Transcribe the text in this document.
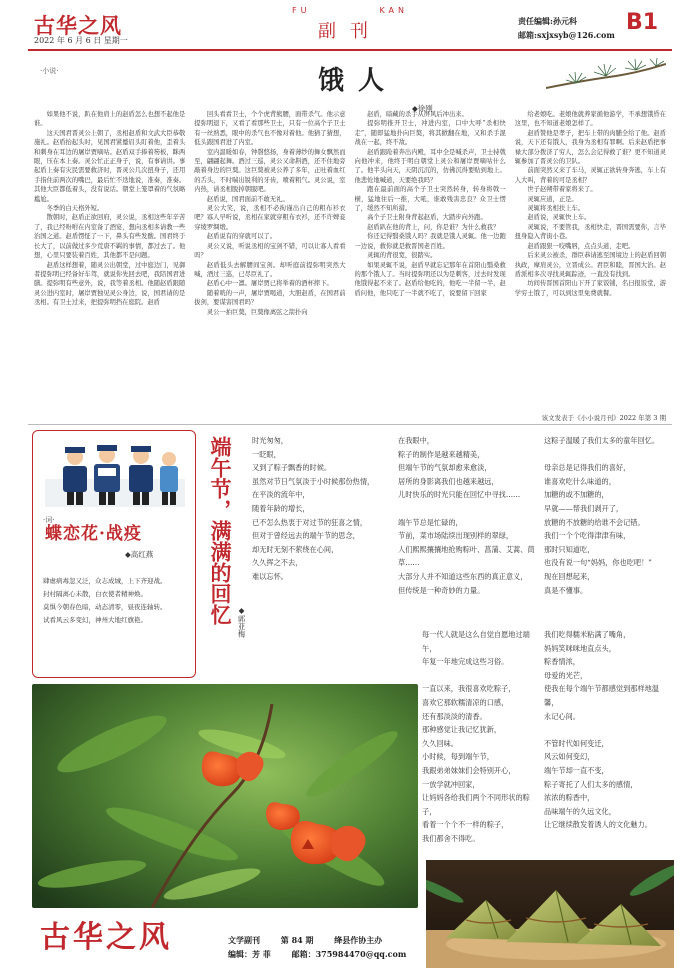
古华之风
2022 年 6 月 6 日 星期一
FU	KAN
副刊	责任编辑:孙元科
邮箱:sxjxsyb@126.com B1
·小说·	饿人
◆徐刚

如果他不说，趴在他肩上的赵盾怎么也想不起他是谁。

这天国君晋灵公上朝了，丞相赵盾和文武大臣恭敬施礼。赵盾抬起头时，见国君紧蹙眉头盯着他，歪着头和刺身在耳边的屠岸贾嘀咕。赵盾双手捧着笏板，眯两眼，压在本上奏。灵公忙正正身子，说，有事请讲。事起盾上奏有灾民需要救济时，晋灵公几次扭身子，还用手指住前两次的嘴巴，最后忙不迭地说，准奏，准奏。其他大臣都低着头，没有说话。朝堂上笼罩着的气氛略尴尬。

冬季的白天格外短。

散朝时，赵盾正欲回府，灵公说，丞相这些年辛苦了，我已经吩咐在内室备了酒宴，想向丞相多请教一些治国之道。赵盾愣怔了一下，鼻头有些发酸。国君终于长大了，以前做过多少荒唐不羁的事情，都过去了。他想，心里只要装着百姓，其他都不是问题。

赵盾这样想着，随灵公出朝堂，过中庭边门，见御者提弥明已经备好车驾，就说你先回去吧，我陪国君进膳。提弥明有些意外，说，我等着丞相。他随赵盾跟随灵公进内室时，屠岸贾独见灵公身边，说，国君请的是丞相。有卫士过来，把提弥明挡在庭院。赵盾

回头看看卫士，个个虎背熊腰，面带杀气。他示意提弥明退下，又看了看那些卫士，只有一位高个子卫士有一丝熟悉，眼中的杀气也不像对着他。他猜了猜想，低头跟国君进了内室。

室内温暖如春，钟磬悠扬，身着薄纱的舞女飘然而至，翩翩起舞。酒过三巡，灵公又命斟酒，还不住地旁敲着身边的巨獒。这巨獒被灵公养了多年，正吐着血红的舌头，不时喘出锐利的牙齿，喷着粗气。灵公说，室内热，请丞相脱掉朝服吧。

赵盾说，国君面前不敢无礼。

灵公大笑，说，丞相不必拘谨出自己的粗布衫衣吧？寡人早听说，丞相在家就穿粗布衣衫，还不许婢妾穿绫罗绸缎。

赵盾说有的穿就可以了。

灵公又说，听说丞相的宝剑不错，可以让寡人看看吗？

赵盾低头去解腰间宝剑。却听庭前提弥明突然大喊，酒过三巡，已尽臣礼了。

赵盾心中一凛。屠岸贾已将举着的酒杯摔下。

随着咣的一声，屠岸贾喝道，大胆赵盾，在国君前拔剑，要谋害国君吗？

灵公一拍巨獒，巨獒像离弦之箭扑向

赵盾，暗藏的杀手从屏风后冲出来。

提弥明推开卫士，冲进内室，口中大呼“杀相快走”，随即猛地扑向巨獒，将其掀翻在地，又和杀手混战在一起，终不敌。

赵盾跟跄着奔出内殿，耳中全是喊杀声，卫士持戟向他冲来，他终于明白朝堂上灵公和屠岸贾嘀咕什么了。他半头向天，天阴沉沉的，仿佛沉得要贴到地上。他悲怆地喊道，天要绝我吗？

跑在最前面的高个子卫士突然转身，转身将戟一横，猛地住后一推，大吼，谁敢残害忠良？众卫士愣了，缓然不知所措。

高个子卫士附身背起赵盾，大踏步向外跑。

赵盾趴在他的背上，问，你是谁？为什么救我？

你还记得翳桑饿人吗？我就是饿人灵辄。他一边跑一边说，救你就是救晋国老百姓。

灵辄的背很宽，很踏实。

如果灵辄不说，赵盾早就忘记那年在首阳山翳桑救的那个饿人了。当时提弥明还以为是刺客，过去时发现他饿得起不来了。赵盾给他吃的，他吃一半留一半，赵盾问他，他只吃了一半就不吃了，说要留下回家

给老娘吃。老娘他就养家循他游学，不承想饿昏在这里，也不知道老娘怎样了。

赵盾赞他是孝子，把车上带的肉脯全给了他。赵盾说，天下还有饿人，我身为丞相有罪啊。后来赵盾把事禄大部分拨济了穷人，怎么会记得救了谁？更不知道灵辄参加了晋灵公的卫队。

前面突然又来了车马，灵辄正欲转身奔逃，车上有人大叫，背着的可是丞相？

世子赵朔带着家将来了。

灵辄应道，正是。

灵辄将丞相扶上车。

赵盾说，灵辄快上车。

灵辄说，不要管我，丞相快走，晋国需要你，言毕扭身隐入背街小巷。

赵盾跟狠一咬嘴唇，点点头道，走吧。

后来灵公被杀，群臣恭请逃至国境边上的赵盾回朝执政，摩肩灵公，立晋成公。君臣和睦，晋国大治。赵盾派相多次寻找灵辄踪迹，一直没有找到。

坊间传晋国首阳山下开了家饭铺，名曰报饭堂，游学穷士饿了，可以到这里免费就餐。

该文发表于《小小说月刊》2022 年第 3 期
·词·
蝶恋花·战疫
◆高红燕
肆虐病毒忽又泛，众志成城，上下齐迎战。
封村隔离心未散，白衣使者精神焕。
莫惧今朝春色暗，动态清零，昼夜连轴转。
试看风云多变幻，神州大地红旗艳。	端午节，满满的回忆 ◆郭亚梅
时光匆匆，
一眨眼，
又到了粽子飘香的时候。
虽然对节日气氛淡于小时候那份热情，
在平淡的流年中，
随着年龄的增长，
已不怎么热衷于对过节的狂喜之情，
但对于曾经远去的端午节的思念，
却无时无刻不萦绕在心间，
久久挥之不去，
难以忘怀。
在我眼中，
粽子的制作是越来越精美，
但端午节的气氛却愈来愈淡，
居所的身影离我们也越来越远，
儿时快乐的时光只能在回忆中寻找……
端午节总是忙碌的，
节前，菜市场陆续出现别样的翠绿，
人们熙熙攘攘地抢购粽叶、菖蒲、艾蒿、茼草……
大部分人并不知道这些东西的真正意义，
但传统是一种奇妙的力量。
这粽子温暖了我们太多的童年回忆。
母亲总是记得我们的喜好，
谁喜欢吃什么味道的，
加糖的或不加糖的，
早就——帮我们剥开了，
放糖的不放糖的给谁不会记错。
我们一个个吃得津津有味，
那时只知道吃，
也没有说一句“妈妈，你也吃吧！”
现在回想起来，
真是不懂事。
每一代人就是这么自觉自愿地过端午，
年复一年地完成这些习俗。
一直以来，我很喜欢吃粽子，
喜欢它那软糯清凉的口感，
还有那淡淡的清香。
那种感觉让我记忆犹新，
久久回味。
小时候，每到端午节，
我跟弟弟妹妹们会特别开心，
一放学就冲回家，
让妈妈各给我们两个不同形状的粽子，
看着一个个不一样的粽子，
我们都舍不得吃。
我们吃得糯米粘满了嘴角，
妈妈笑咪咪地直点头，
粽香情浓，
母爱的光芒，
使我在每个端午节都感觉到那样地温馨，
永记心间。
不管时代如何变迁，
风云如何变幻，
端午节却一直不变，
粽子寄托了人们太多的感情，
浓浓的粽香中，
品味端午的久远文化，
让它继续散发着诱人的文化魅力。
古华之风	文学副刊	第 84 期	绛县作协主办
编辑：芳 菲	邮箱：375984470@qq.com
